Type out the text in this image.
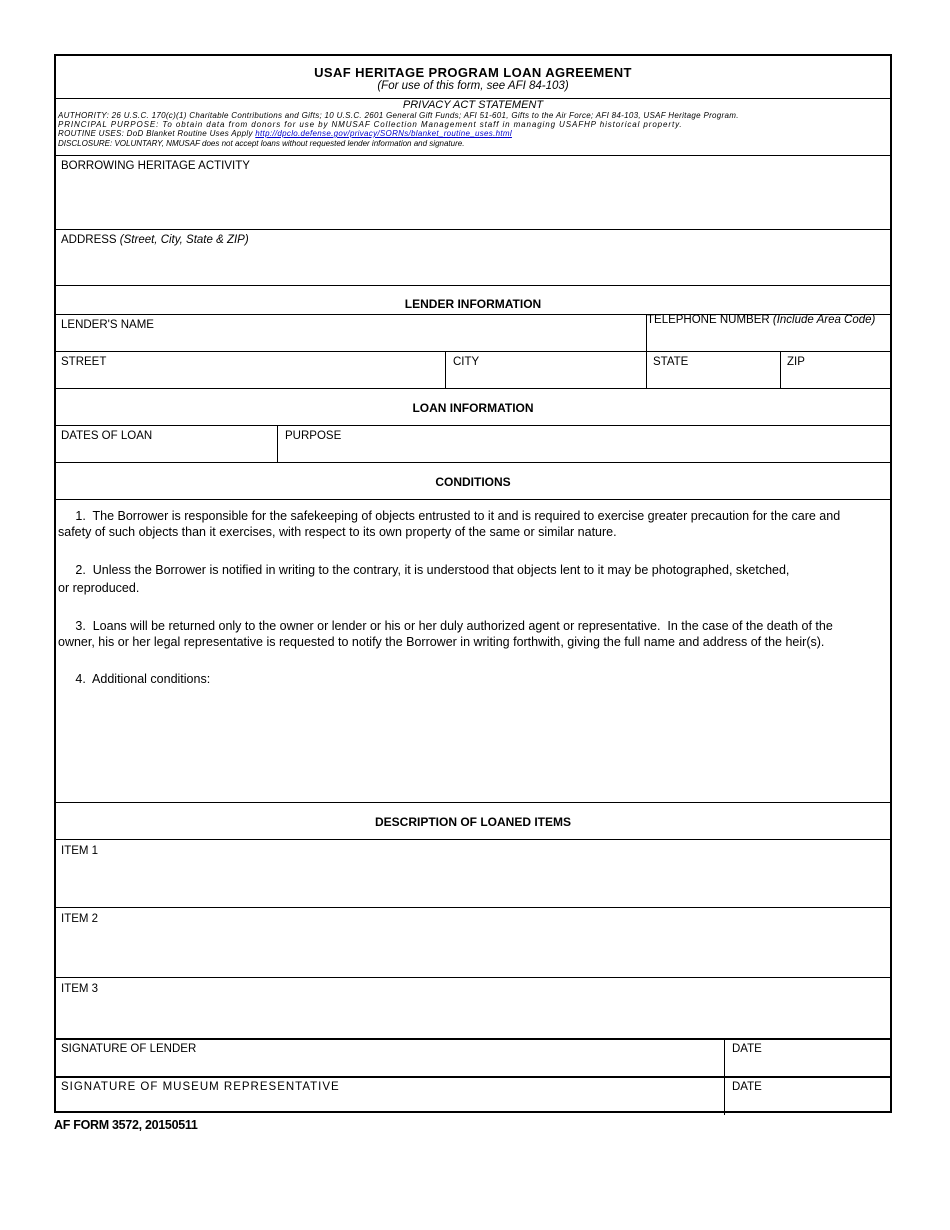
USAF HERITAGE PROGRAM LOAN AGREEMENT
(For use of this form, see AFI 84-103)
PRIVACY ACT STATEMENT
AUTHORITY: 26 U.S.C. 170(c)(1) Charitable Contributions and Gifts; 10 U.S.C. 2601 General Gift Funds; AFI 51-601, Gifts to the Air Force; AFI 84-103, USAF Heritage Program.
PRINCIPAL PURPOSE: To obtain data from donors for use by NMUSAF Collection Management staff in managing USAFHP historical property.
ROUTINE USES: DoD Blanket Routine Uses Apply http://dpclo.defense.gov/privacy/SORNs/blanket_routine_uses.html
DISCLOSURE: VOLUNTARY, NMUSAF does not accept loans without requested lender information and signature.
BORROWING HERITAGE ACTIVITY
ADDRESS (Street, City, State & ZIP)
LENDER INFORMATION
LENDER'S NAME	TELEPHONE NUMBER (Include Area Code)
STREET	CITY	STATE	ZIP
LOAN INFORMATION
DATES OF LOAN	PURPOSE
CONDITIONS
1.  The Borrower is responsible for the safekeeping of objects entrusted to it and is required to exercise greater precaution for the care and
safety of such objects than it exercises, with respect to its own property of the same or similar nature.
2.  Unless the Borrower is notified in writing to the contrary, it is understood that objects lent to it may be photographed, sketched,
or reproduced.
3.  Loans will be returned only to the owner or lender or his or her duly authorized agent or representative.  In the case of the death of the
owner, his or her legal representative is requested to notify the Borrower in writing forthwith, giving the full name and address of the heir(s).
4.  Additional conditions:
DESCRIPTION OF LOANED ITEMS
ITEM 1
ITEM 2
ITEM 3
SIGNATURE OF LENDER	DATE
SIGNATURE OF MUSEUM REPRESENTATIVE	DATE
AF FORM 3572, 20150511
